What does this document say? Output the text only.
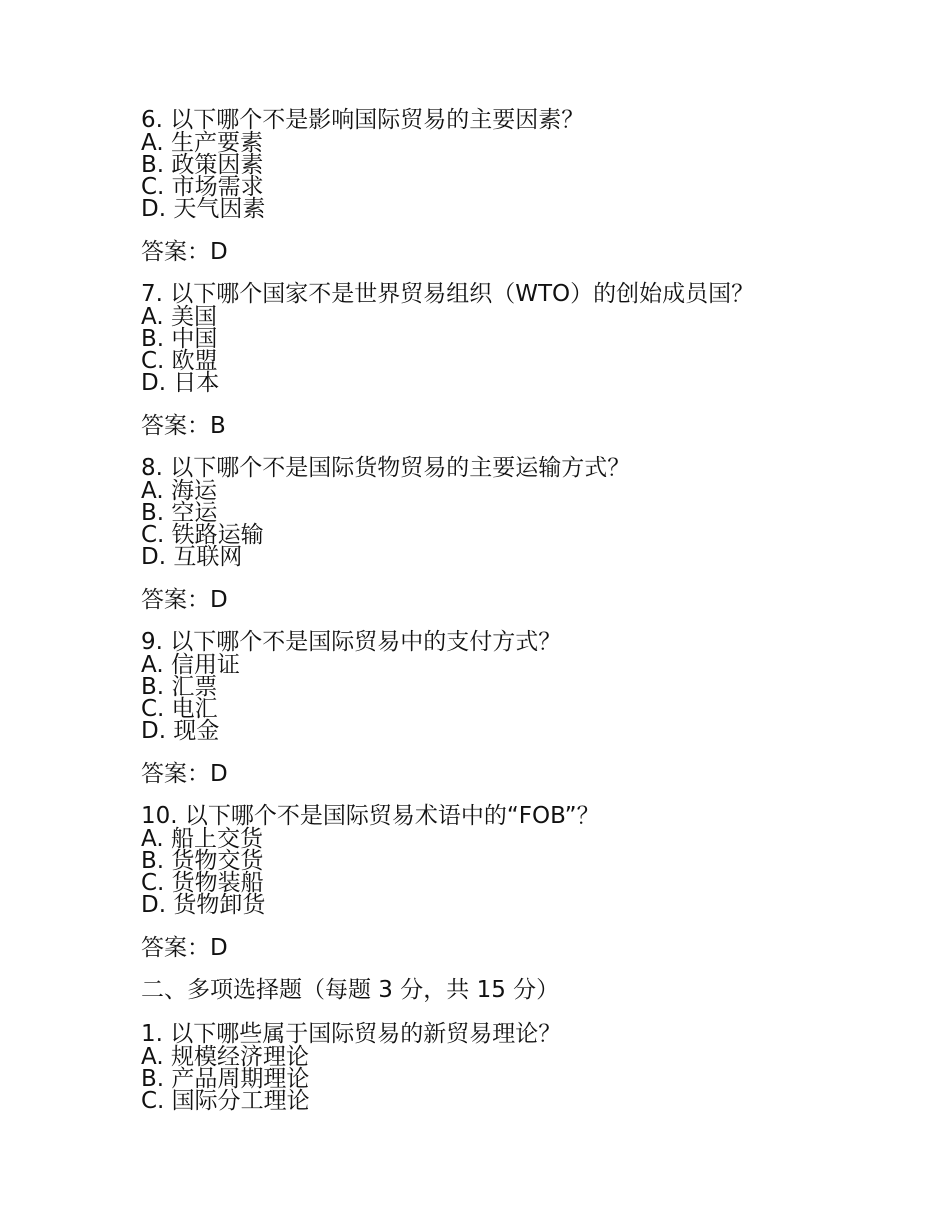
6. 以下哪个不是影响国际贸易的主要因素？
A. 生产要素
B. 政策因素
C. 市场需求
D. 天气因素
答案：D
7. 以下哪个国家不是世界贸易组织（WTO）的创始成员国？
A. 美国
B. 中国
C. 欧盟
D. 日本
答案：B
8. 以下哪个不是国际货物贸易的主要运输方式？
A. 海运
B. 空运
C. 铁路运输
D. 互联网
答案：D
9. 以下哪个不是国际贸易中的支付方式？
A. 信用证
B. 汇票
C. 电汇
D. 现金
答案：D
10. 以下哪个不是国际贸易术语中的“FOB”？
A. 船上交货
B. 货物交货
C. 货物装船
D. 货物卸货
答案：D
二、多项选择题（每题 3 分，共 15 分）
1. 以下哪些属于国际贸易的新贸易理论？
A. 规模经济理论
B. 产品周期理论
C. 国际分工理论
